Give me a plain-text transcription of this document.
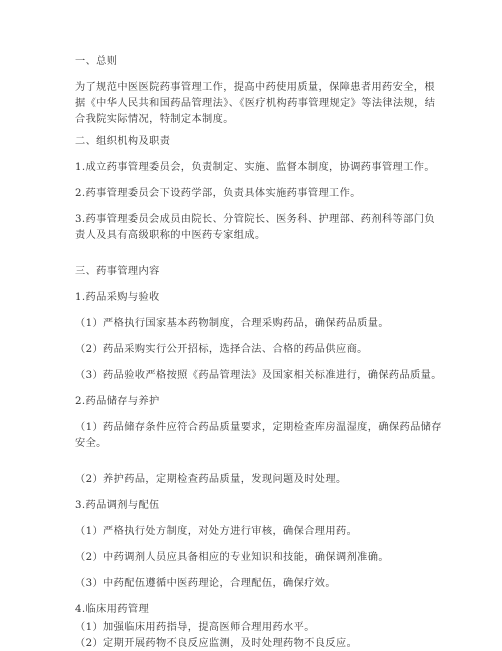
一、总则
为了规范中医医院药事管理工作，提高中药使用质量，保障患者用药安全，根据《中华人民共和国药品管理法》、《医疗机构药事管理规定》等法律法规，结合我院实际情况，特制定本制度。
二、组织机构及职责
1.成立药事管理委员会，负责制定、实施、监督本制度，协调药事管理工作。
2.药事管理委员会下设药学部，负责具体实施药事管理工作。
3.药事管理委员会成员由院长、分管院长、医务科、护理部、药剂科等部门负责人及具有高级职称的中医药专家组成。
三、药事管理内容
1.药品采购与验收
（1）严格执行国家基本药物制度，合理采购药品，确保药品质量。
（2）药品采购实行公开招标，选择合法、合格的药品供应商。
（3）药品验收严格按照《药品管理法》及国家相关标准进行，确保药品质量。
2.药品储存与养护
（1）药品储存条件应符合药品质量要求，定期检查库房温湿度，确保药品储存安全。
（2）养护药品，定期检查药品质量，发现问题及时处理。
3.药品调剂与配伍
（1）严格执行处方制度，对处方进行审核，确保合理用药。
（2）中药调剂人员应具备相应的专业知识和技能，确保调剂准确。
（3）中药配伍遵循中医药理论，合理配伍，确保疗效。
4.临床用药管理
（1）加强临床用药指导，提高医师合理用药水平。
（2）定期开展药物不良反应监测，及时处理药物不良反应。
